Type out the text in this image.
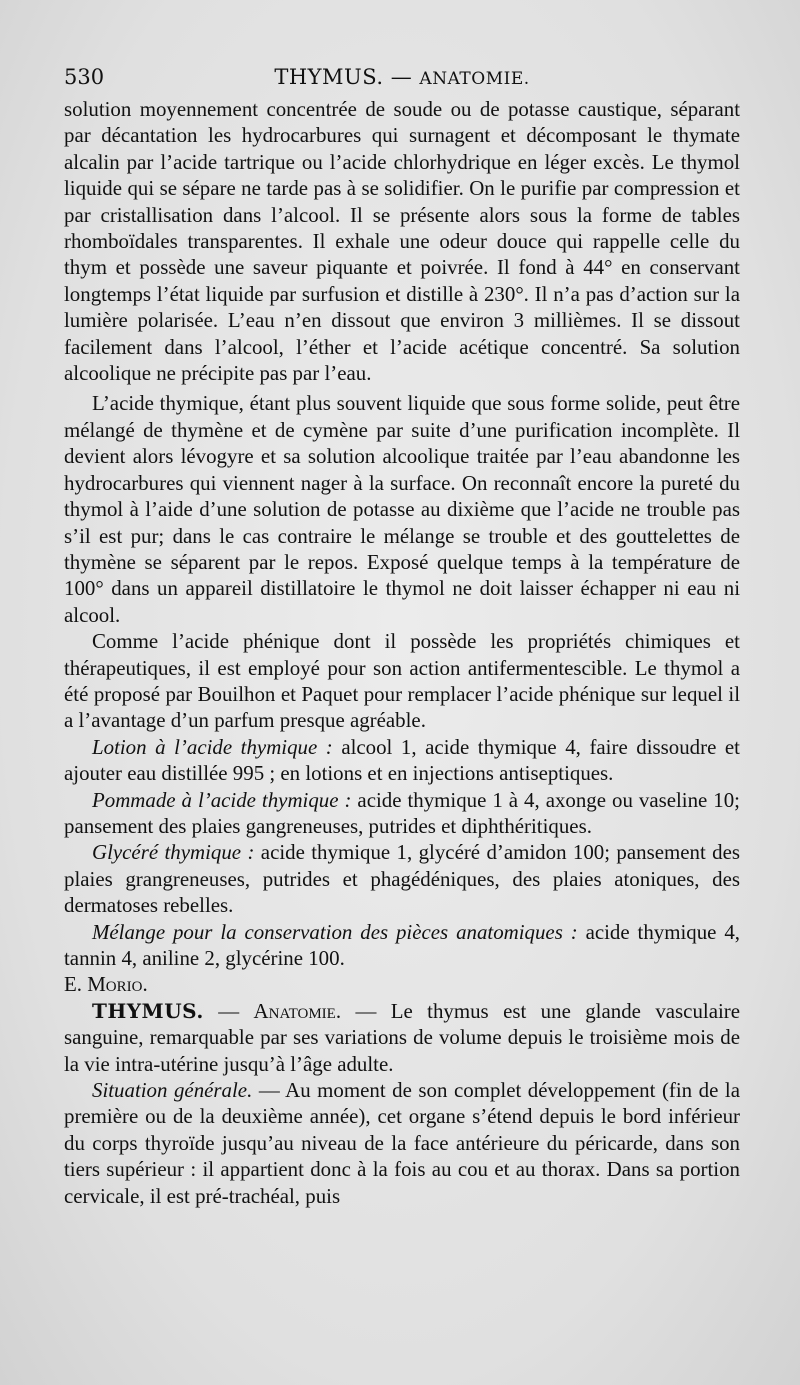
530	THYMUS. — ANATOMIE.

solution moyennement concentrée de soude ou de potasse caustique, séparant par décantation les hydrocarbures qui surnagent et décomposant le thymate alcalin par l’acide tartrique ou l’acide chlorhydrique en léger excès. Le thymol liquide qui se sépare ne tarde pas à se solidifier. On le purifie par compression et par cristallisation dans l’alcool. Il se présente alors sous la forme de tables rhomboïdales transparentes. Il exhale une odeur douce qui rappelle celle du thym et possède une saveur piquante et poivrée. Il fond à 44° en conservant longtemps l’état liquide par surfusion et distille à 230°. Il n’a pas d’action sur la lumière polarisée. L’eau n’en dissout que environ 3 millièmes. Il se dissout facilement dans l’alcool, l’éther et l’acide acétique concentré. Sa solution alcoolique ne précipite pas par l’eau.

L’acide thymique, étant plus souvent liquide que sous forme solide, peut être mélangé de thymène et de cymène par suite d’une purification incomplète. Il devient alors lévogyre et sa solution alcoolique traitée par l’eau abandonne les hydrocarbures qui viennent nager à la surface. On reconnaît encore la pureté du thymol à l’aide d’une solution de potasse au dixième que l’acide ne trouble pas s’il est pur; dans le cas contraire le mélange se trouble et des gouttelettes de thymène se séparent par le repos. Exposé quelque temps à la température de 100° dans un appareil distillatoire le thymol ne doit laisser échapper ni eau ni alcool.

Comme l’acide phénique dont il possède les propriétés chimiques et thérapeutiques, il est employé pour son action antifermentescible. Le thymol a été proposé par Bouilhon et Paquet pour remplacer l’acide phénique sur lequel il a l’avantage d’un parfum presque agréable.

Lotion à l’acide thymique : alcool 1, acide thymique 4, faire dissoudre et ajouter eau distillée 995 ; en lotions et en injections antiseptiques.

Pommade à l’acide thymique : acide thymique 1 à 4, axonge ou vaseline 10; pansement des plaies gangreneuses, putrides et diphthéritiques.

Glycéré thymique : acide thymique 1, glycéré d’amidon 100; pansement des plaies grangreneuses, putrides et phagédéniques, des plaies atoniques, des dermatoses rebelles.

Mélange pour la conservation des pièces anatomiques : acide thymique 4, tannin 4, aniline 2, glycérine 100.

E. Morio.

THYMUS. — Anatomie. — Le thymus est une glande vasculaire sanguine, remarquable par ses variations de volume depuis le troisième mois de la vie intra-utérine jusqu’à l’âge adulte.

Situation générale. — Au moment de son complet développement (fin de la première ou de la deuxième année), cet organe s’étend depuis le bord inférieur du corps thyroïde jusqu’au niveau de la face antérieure du péricarde, dans son tiers supérieur : il appartient donc à la fois au cou et au thorax. Dans sa portion cervicale, il est pré-trachéal, puis
